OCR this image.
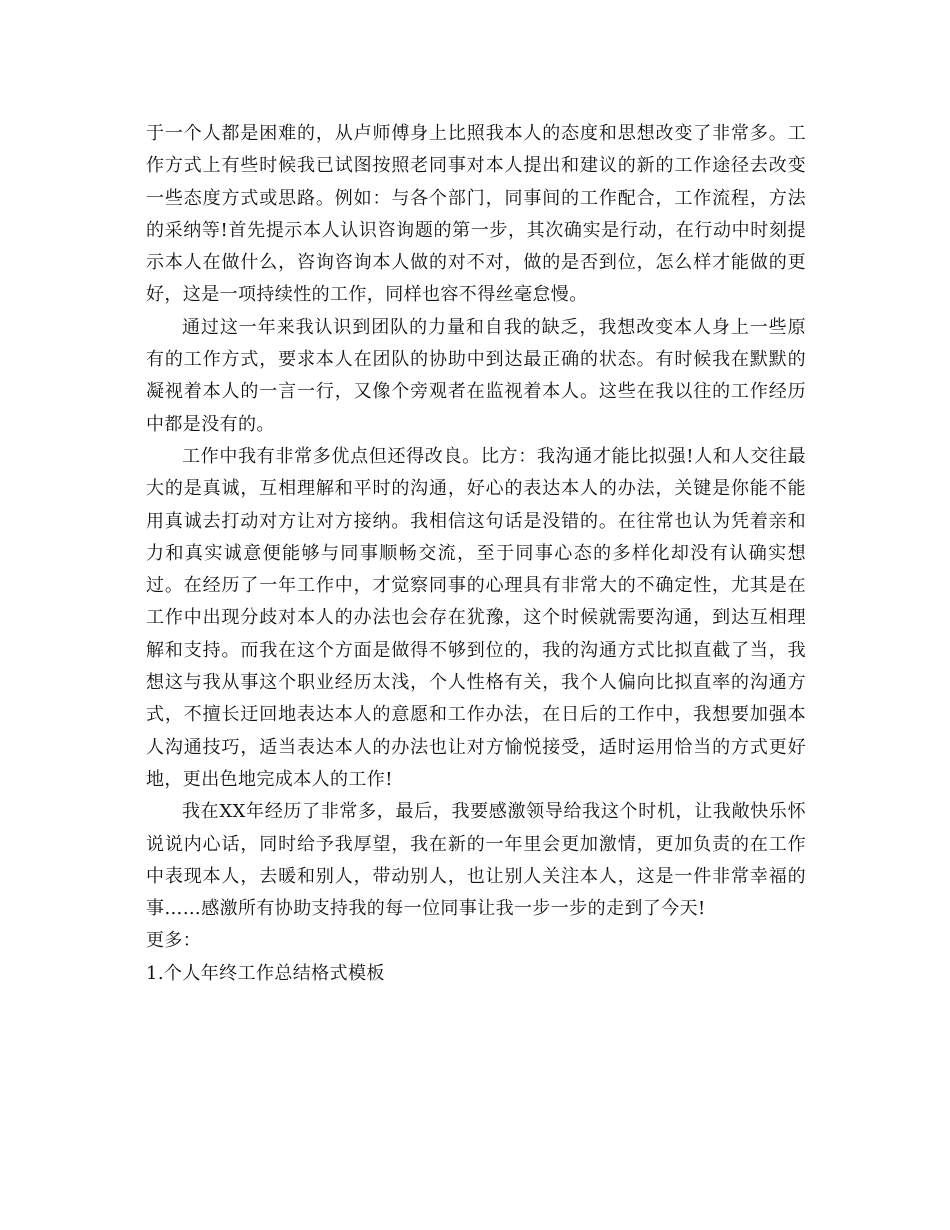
于一个人都是困难的，从卢师傅身上比照我本人的态度和思想改变了非常多。工作方式上有些时候我已试图按照老同事对本人提出和建议的新的工作途径去改变一些态度方式或思路。例如：与各个部门，同事间的工作配合，工作流程，方法的采纳等!首先提示本人认识咨询题的第一步，其次确实是行动，在行动中时刻提示本人在做什么，咨询咨询本人做的对不对，做的是否到位，怎么样才能做的更好，这是一项持续性的工作，同样也容不得丝毫怠慢。

通过这一年来我认识到团队的力量和自我的缺乏，我想改变本人身上一些原有的工作方式，要求本人在团队的协助中到达最正确的状态。有时候我在默默的凝视着本人的一言一行，又像个旁观者在监视着本人。这些在我以往的工作经历中都是没有的。

工作中我有非常多优点但还得改良。比方：我沟通才能比拟强!人和人交往最大的是真诚，互相理解和平时的沟通，好心的表达本人的办法，关键是你能不能用真诚去打动对方让对方接纳。我相信这句话是没错的。在往常也认为凭着亲和力和真实诚意便能够与同事顺畅交流，至于同事心态的多样化却没有认确实想过。在经历了一年工作中，才觉察同事的心理具有非常大的不确定性，尤其是在工作中出现分歧对本人的办法也会存在犹豫，这个时候就需要沟通，到达互相理解和支持。而我在这个方面是做得不够到位的，我的沟通方式比拟直截了当，我想这与我从事这个职业经历太浅，个人性格有关，我个人偏向比拟直率的沟通方式，不擅长迂回地表达本人的意愿和工作办法，在日后的工作中，我想要加强本人沟通技巧，适当表达本人的办法也让对方愉悦接受，适时运用恰当的方式更好地，更出色地完成本人的工作!

我在XX年经历了非常多，最后，我要感激领导给我这个时机，让我敞快乐怀说说内心话，同时给予我厚望，我在新的一年里会更加激情，更加负责的在工作中表现本人，去暖和别人，带动别人，也让别人关注本人，这是一件非常幸福的事……感激所有协助支持我的每一位同事让我一步一步的走到了今天!

更多：

1.个人年终工作总结格式模板
